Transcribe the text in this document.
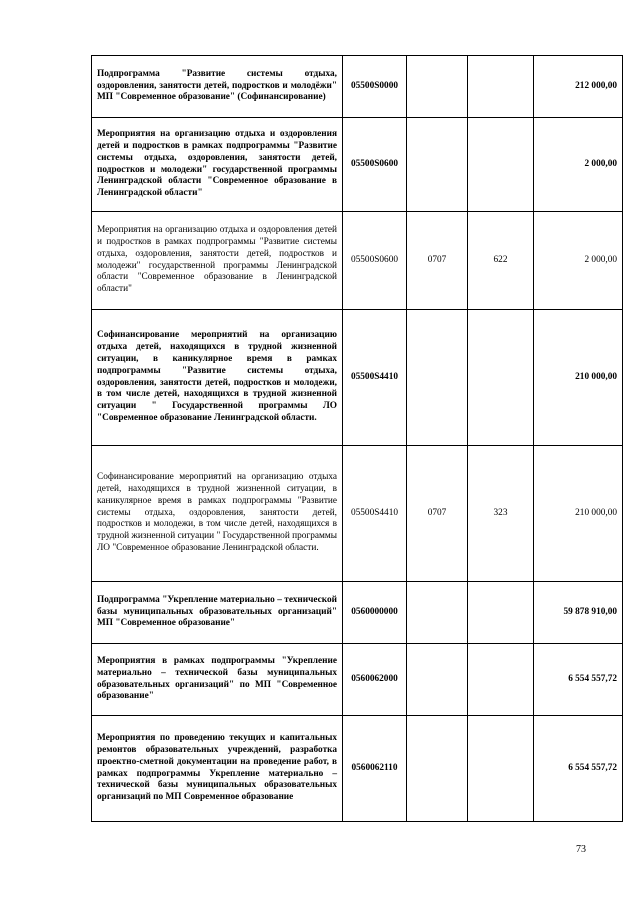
Подпрограмма "Развитие системы отдыха, оздоровления, занятости детей, подростков и молодёжи" МП "Современное образование" (Софинансирование)	05500S0000			212 000,00
Мероприятия на организацию отдыха и оздоровления детей и подростков в рамках подпрограммы "Развитие системы отдыха, оздоровления, занятости детей, подростков и молодежи" государственной программы Ленинградской области "Современное образование в Ленинградской области"	05500S0600			2 000,00
Мероприятия на организацию отдыха и оздоровления детей и подростков в рамках подпрограммы "Развитие системы отдыха, оздоровления, занятости детей, подростков и молодежи" государственной программы Ленинградской области "Современное образование в Ленинградской области"	05500S0600	0707	622	2 000,00
Софинансирование мероприятий на организацию отдыха детей, находящихся в трудной жизненной ситуации, в каникулярное время в рамках подпрограммы "Развитие системы отдыха, оздоровления, занятости детей, подростков и молодежи, в том числе детей, находящихся в трудной жизненной ситуации " Государственной программы ЛО "Современное образование Ленинградской области.	05500S4410			210 000,00
Софинансирование мероприятий на организацию отдыха детей, находящихся в трудной жизненной ситуации, в каникулярное время в рамках подпрограммы "Развитие системы отдыха, оздоровления, занятости детей, подростков и молодежи, в том числе детей, находящихся в трудной жизненной ситуации " Государственной программы ЛО "Современное образование Ленинградской области.	05500S4410	0707	323	210 000,00
Подпрограмма "Укрепление материально – технической базы муниципальных образовательных организаций" МП "Современное образование"	0560000000			59 878 910,00
Мероприятия в рамках подпрограммы "Укрепление материально – технической базы муниципальных образовательных организаций" по МП "Современное образование"	0560062000			6 554 557,72
Мероприятия по проведению текущих и капитальных ремонтов образовательных учреждений, разработка проектно-сметной документации на проведение работ, в рамках подпрограммы Укрепление материально – технической базы муниципальных образовательных организаций по МП Современное образование	0560062110			6 554 557,72
73
